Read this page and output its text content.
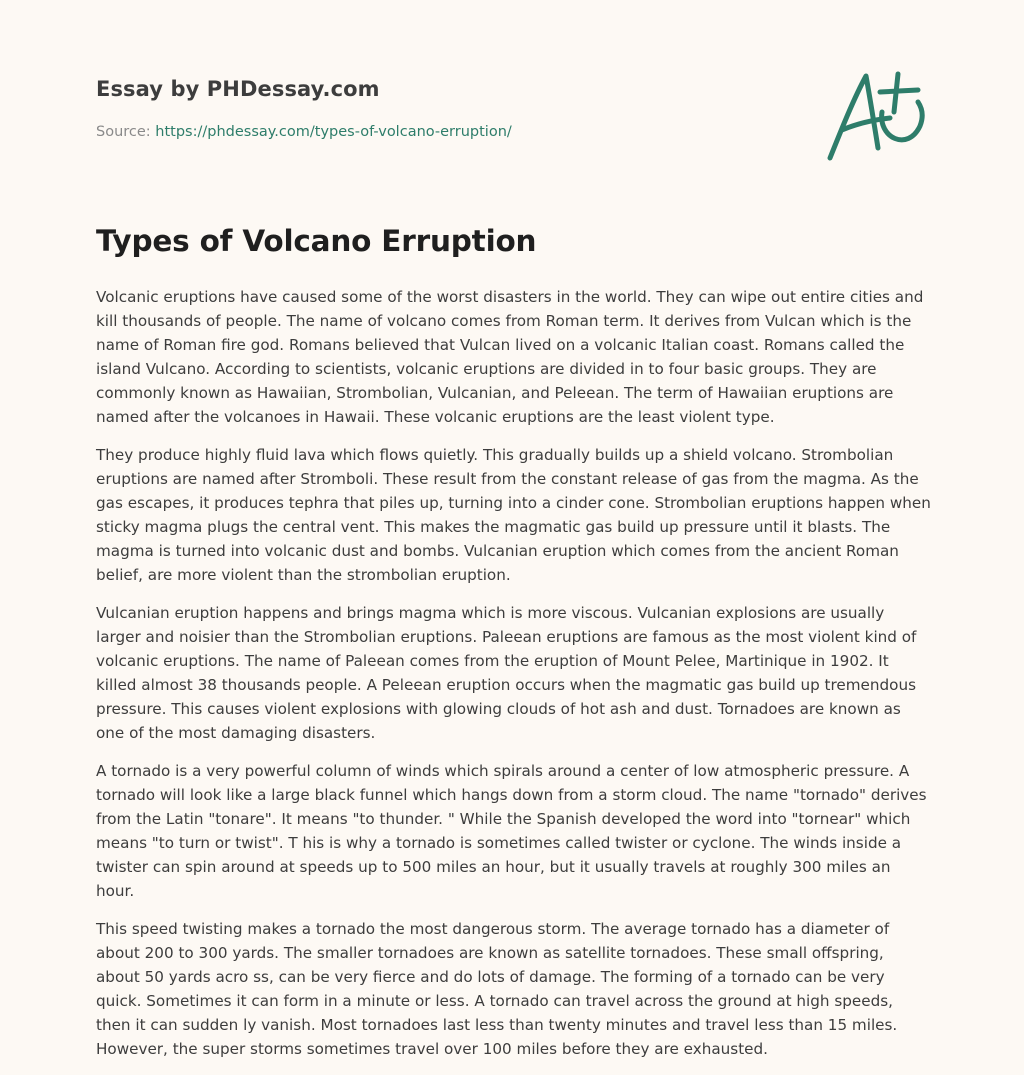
Essay by PHDessay.com
Source: https://phdessay.com/types-of-volcano-erruption/
Types of Volcano Erruption

Volcanic eruptions have caused some of the worst disasters in the world. They can wipe out entire cities and kill thousands of people. The name of volcano comes from Roman term. It derives from Vulcan which is the name of Roman fire god. Romans believed that Vulcan lived on a volcanic Italian coast. Romans called the island Vulcano. According to scientists, volcanic eruptions are divided in to four basic groups. They are commonly known as Hawaiian, Strombolian, Vulcanian, and Peleean. The term of Hawaiian eruptions are named after the volcanoes in Hawaii. These volcanic eruptions are the least violent type.

They produce highly fluid lava which flows quietly. This gradually builds up a shield volcano. Strombolian eruptions are named after Stromboli. These result from the constant release of gas from the magma. As the gas escapes, it produces tephra that piles up, turning into a cinder cone. Strombolian eruptions happen when sticky magma plugs the central vent. This makes the magmatic gas build up pressure until it blasts. The magma is turned into volcanic dust and bombs. Vulcanian eruption which comes from the ancient Roman belief, are more violent than the strombolian eruption.

Vulcanian eruption happens and brings magma which is more viscous. Vulcanian explosions are usually larger and noisier than the Strombolian eruptions. Paleean eruptions are famous as the most violent kind of volcanic eruptions. The name of Paleean comes from the eruption of Mount Pelee, Martinique in 1902. It killed almost 38 thousands people. A Peleean eruption occurs when the magmatic gas build up tremendous pressure. This causes violent explosions with glowing clouds of hot ash and dust. Tornadoes are known as one of the most damaging disasters.

A tornado is a very powerful column of winds which spirals around a center of low atmospheric pressure. A tornado will look like a large black funnel which hangs down from a storm cloud. The name "tornado" derives from the Latin "tonare". It means "to thunder. " While the Spanish developed the word into "tornear" which means "to turn or twist". T his is why a tornado is sometimes called twister or cyclone. The winds inside a twister can spin around at speeds up to 500 miles an hour, but it usually travels at roughly 300 miles an hour.

This speed twisting makes a tornado the most dangerous storm. The average tornado has a diameter of about 200 to 300 yards. The smaller tornadoes are known as satellite tornadoes. These small offspring, about 50 yards acro ss, can be very fierce and do lots of damage. The forming of a tornado can be very quick. Sometimes it can form in a minute or less. A tornado can travel across the ground at high speeds, then it can sudden ly vanish. Most tornadoes last less than twenty minutes and travel less than 15 miles. However, the super storms sometimes travel over 100 miles before they are exhausted.
